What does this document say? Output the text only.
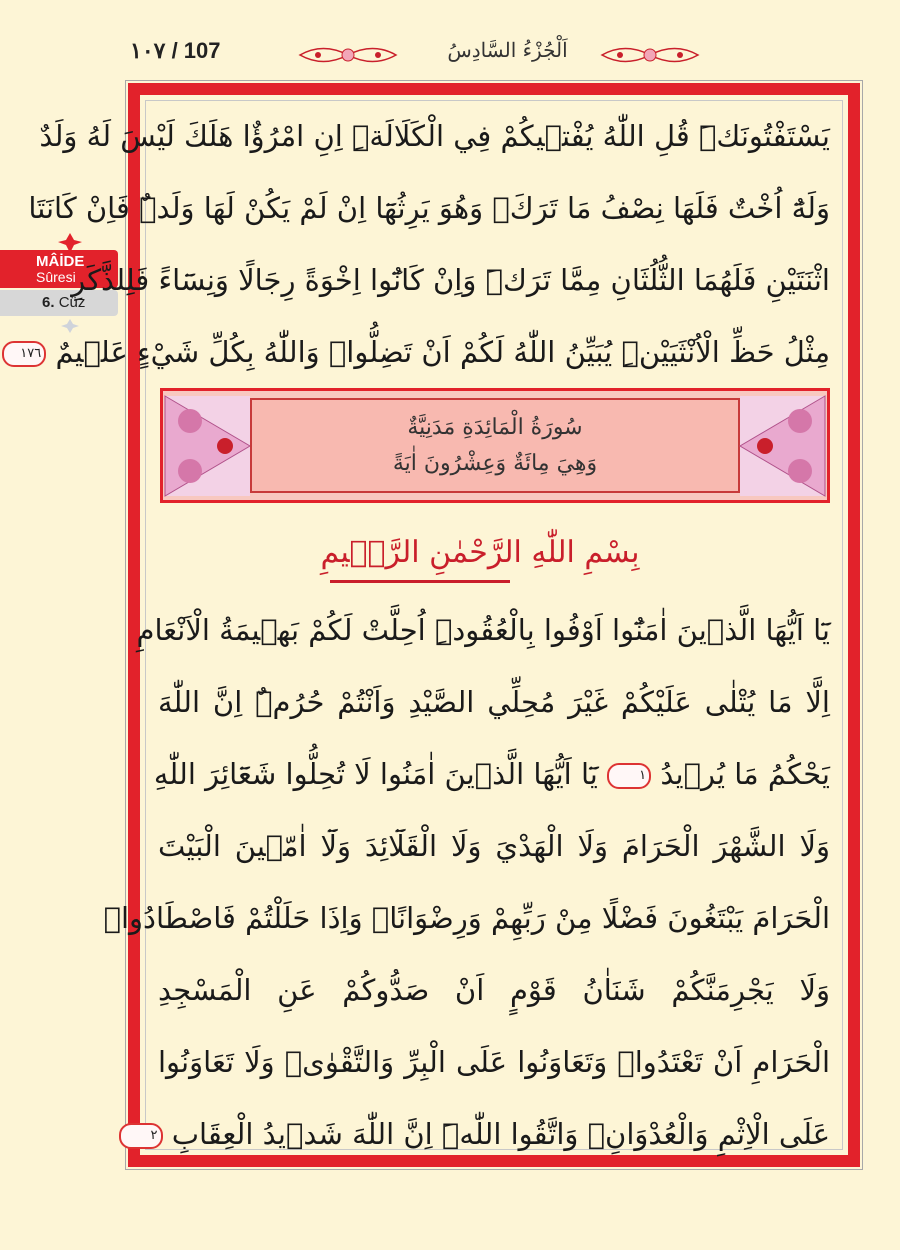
١٠٧ / 107	اَلْجُزْءُ السَّادِسُ
MÂİDE
Sûresi
6. Cüz
يَسْتَفْتُونَكَۜ قُلِ اللّٰهُ يُفْت۪يكُمْ فِي الْكَلَالَةِۜ اِنِ امْرُؤٌا هَلَكَ لَيْسَ لَهُ وَلَدٌ
وَلَهُٓ اُخْتٌ فَلَهَا نِصْفُ مَا تَرَكَۚ وَهُوَ يَرِثُهَٓا اِنْ لَمْ يَكُنْ لَهَا وَلَدٌۜ فَاِنْ كَانَتَا
اثْنَتَيْنِ فَلَهُمَا الثُّلُثَانِ مِمَّا تَرَكَۜ وَاِنْ كَانُٓوا اِخْوَةً رِجَالًا وَنِسَٓاءً فَلِلذَّكَرِ
مِثْلُ حَظِّ الْاُنْثَيَيْنِۜ يُبَيِّنُ اللّٰهُ لَكُمْ اَنْ تَضِلُّواۜ وَاللّٰهُ بِكُلِّ شَيْءٍ عَل۪يمٌ ١٧٦
سُورَةُ الْمَائِدَةِ مَدَنِيَّةٌ
وَهِيَ مِائَةٌ وَعِشْرُونَ اٰيَةً
بِسْمِ اللّٰهِ الرَّحْمٰنِ الرَّح۪يمِ
يَٓا اَيُّهَا الَّذ۪ينَ اٰمَنُٓوا اَوْفُوا بِالْعُقُودِۜ اُحِلَّتْ لَكُمْ بَه۪يمَةُ الْاَنْعَامِ
اِلَّا مَا يُتْلٰى عَلَيْكُمْ غَيْرَ مُحِلِّي الصَّيْدِ وَاَنْتُمْ حُرُمٌۜ اِنَّ اللّٰهَ
يَحْكُمُ مَا يُر۪يدُ ١ يَٓا اَيُّهَا الَّذ۪ينَ اٰمَنُوا لَا تُحِلُّوا شَعَٓائِرَ اللّٰهِ
وَلَا الشَّهْرَ الْحَرَامَ وَلَا الْهَدْيَ وَلَا الْقَلَٓائِدَ وَلَٓا اٰمّ۪ينَ الْبَيْتَ
الْحَرَامَ يَبْتَغُونَ فَضْلًا مِنْ رَبِّهِمْ وَرِضْوَانًاۜ وَاِذَا حَلَلْتُمْ فَاصْطَادُواۜ
وَلَا يَجْرِمَنَّكُمْ شَنَاٰنُ قَوْمٍ اَنْ صَدُّوكُمْ عَنِ الْمَسْجِدِ
الْحَرَامِ اَنْ تَعْتَدُواۢ وَتَعَاوَنُوا عَلَى الْبِرِّ وَالتَّقْوٰىۖ وَلَا تَعَاوَنُوا
عَلَى الْاِثْمِ وَالْعُدْوَانِۖ وَاتَّقُوا اللّٰهَۜ اِنَّ اللّٰهَ شَد۪يدُ الْعِقَابِ ٢
